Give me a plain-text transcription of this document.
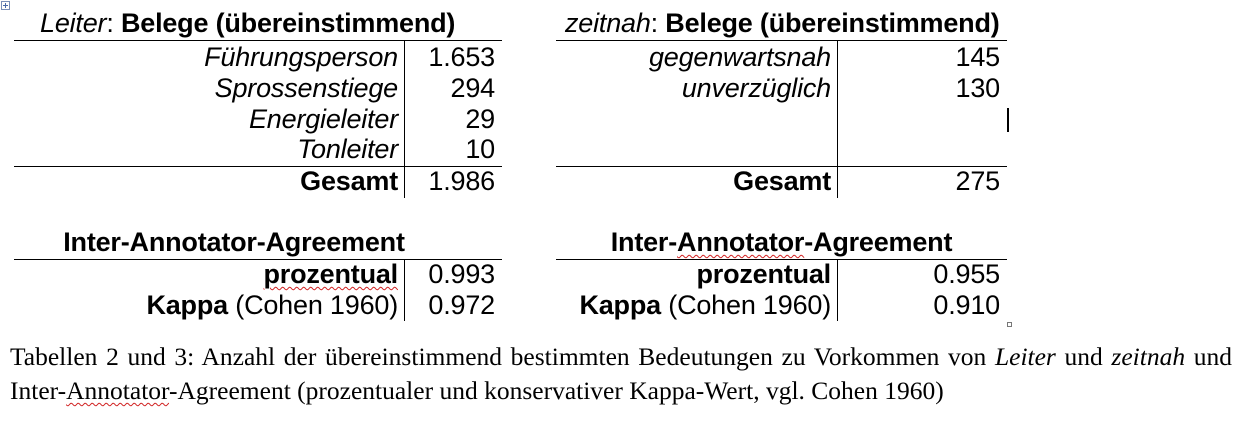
Leiter: Belege (übereinstimmend)
Führungsperson	1.653
Sprossenstiege	294
Energieleiter	29
Tonleiter	10
Gesamt	1.986
zeitnah: Belege (übereinstimmend)
gegenwartsnah	145
unverzüglich	130
Gesamt	275
Inter-Annotator-Agreement
prozentual	0.993
Kappa (Cohen 1960)	0.972
Inter-Annotator-Agreement
prozentual	0.955
Kappa (Cohen 1960)	0.910
Tabellen 2 und 3: Anzahl der übereinstimmend bestimmten Bedeutungen zu Vorkommen von Leiter und zeitnah und Inter-Annotator-Agreement (prozentualer und konservativer Kappa-Wert, vgl. Cohen 1960)
